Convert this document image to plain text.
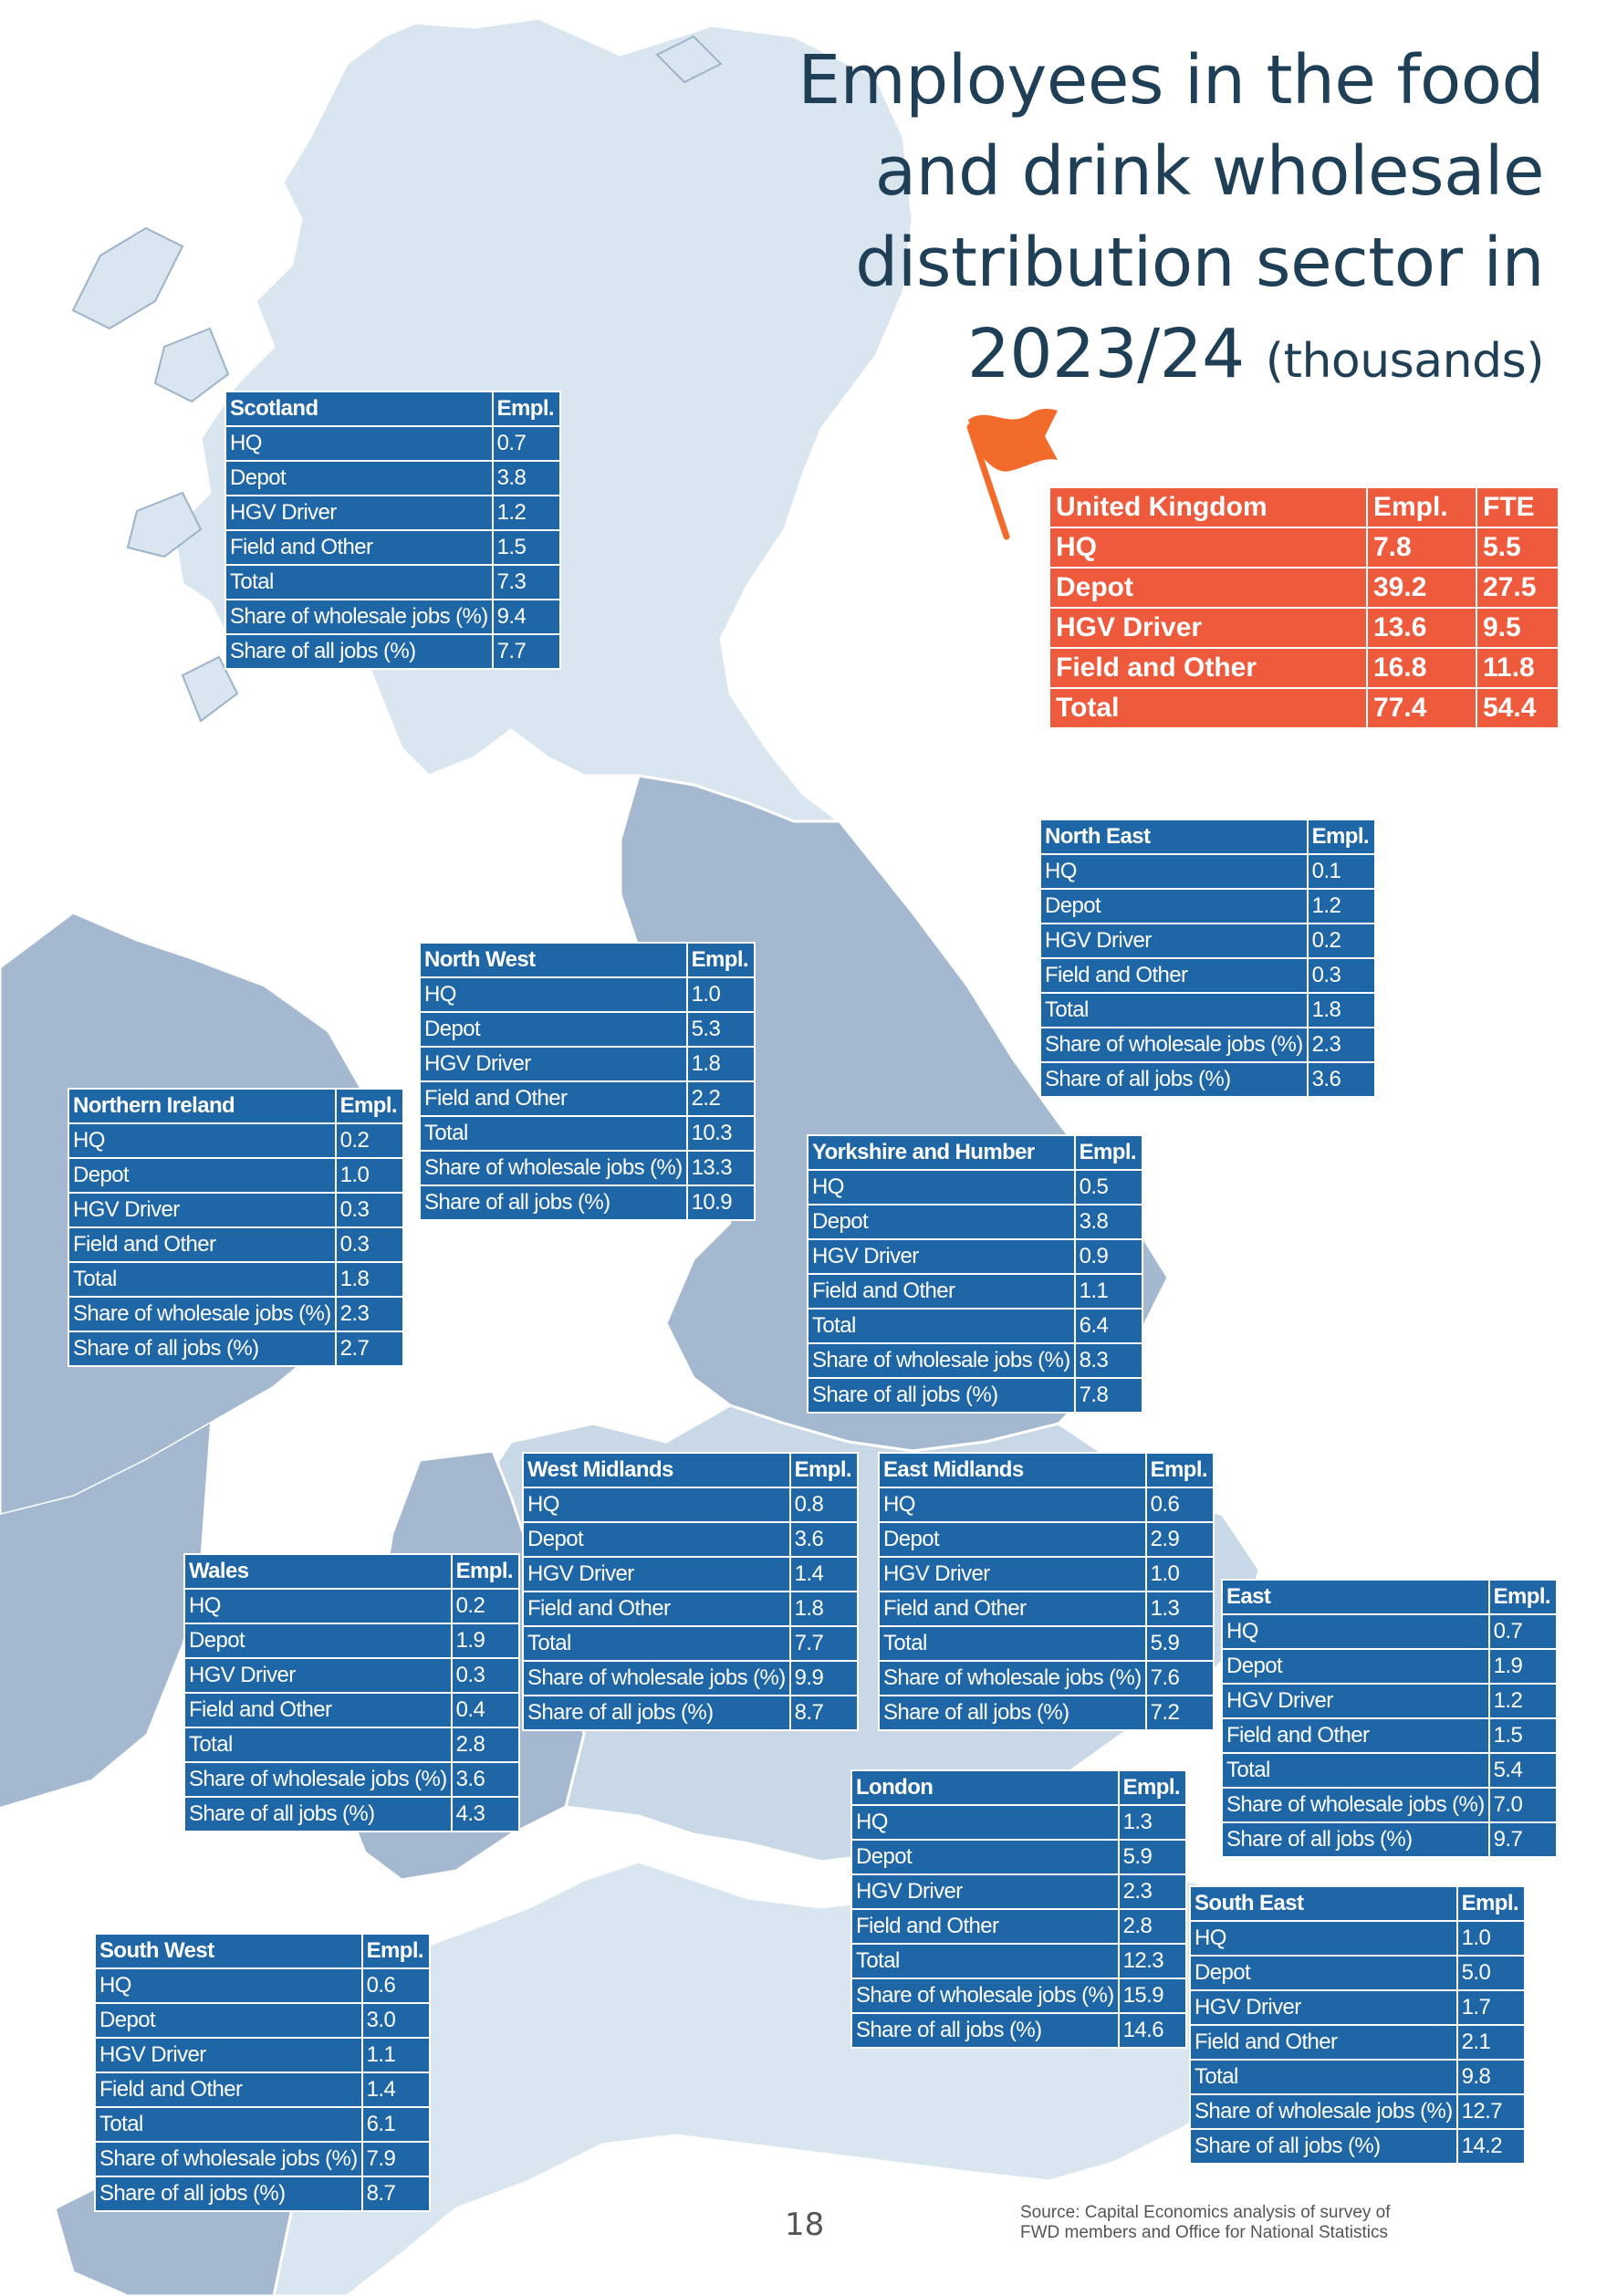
Employees in the food
and drink wholesale
distribution sector in
2023/24 (thousands)
United Kingdom	Empl.	FTE
HQ	7.8	5.5
Depot	39.2	27.5
HGV Driver	13.6	9.5
Field and Other	16.8	11.8
Total	77.4	54.4
Scotland	Empl.
HQ	0.7
Depot	3.8
HGV Driver	1.2
Field and Other	1.5
Total	7.3
Share of wholesale jobs (%)	9.4
Share of all jobs (%)	7.7
North East	Empl.
HQ	0.1
Depot	1.2
HGV Driver	0.2
Field and Other	0.3
Total	1.8
Share of wholesale jobs (%)	2.3
Share of all jobs (%)	3.6
North West	Empl.
HQ	1.0
Depot	5.3
HGV Driver	1.8
Field and Other	2.2
Total	10.3
Share of wholesale jobs (%)	13.3
Share of all jobs (%)	10.9
Northern Ireland	Empl.
HQ	0.2
Depot	1.0
HGV Driver	0.3
Field and Other	0.3
Total	1.8
Share of wholesale jobs (%)	2.3
Share of all jobs (%)	2.7
Yorkshire and Humber	Empl.
HQ	0.5
Depot	3.8
HGV Driver	0.9
Field and Other	1.1
Total	6.4
Share of wholesale jobs (%)	8.3
Share of all jobs (%)	7.8
West Midlands	Empl.
HQ	0.8
Depot	3.6
HGV Driver	1.4
Field and Other	1.8
Total	7.7
Share of wholesale jobs (%)	9.9
Share of all jobs (%)	8.7
East Midlands	Empl.
HQ	0.6
Depot	2.9
HGV Driver	1.0
Field and Other	1.3
Total	5.9
Share of wholesale jobs (%)	7.6
Share of all jobs (%)	7.2
Wales	Empl.
HQ	0.2
Depot	1.9
HGV Driver	0.3
Field and Other	0.4
Total	2.8
Share of wholesale jobs (%)	3.6
Share of all jobs (%)	4.3
East	Empl.
HQ	0.7
Depot	1.9
HGV Driver	1.2
Field and Other	1.5
Total	5.4
Share of wholesale jobs (%)	7.0
Share of all jobs (%)	9.7
London	Empl.
HQ	1.3
Depot	5.9
HGV Driver	2.3
Field and Other	2.8
Total	12.3
Share of wholesale jobs (%)	15.9
Share of all jobs (%)	14.6
South East	Empl.
HQ	1.0
Depot	5.0
HGV Driver	1.7
Field and Other	2.1
Total	9.8
Share of wholesale jobs (%)	12.7
Share of all jobs (%)	14.2
South West	Empl.
HQ	0.6
Depot	3.0
HGV Driver	1.1
Field and Other	1.4
Total	6.1
Share of wholesale jobs (%)	7.9
Share of all jobs (%)	8.7
18	Source: Capital Economics analysis of survey of FWD members and Office for National Statistics
